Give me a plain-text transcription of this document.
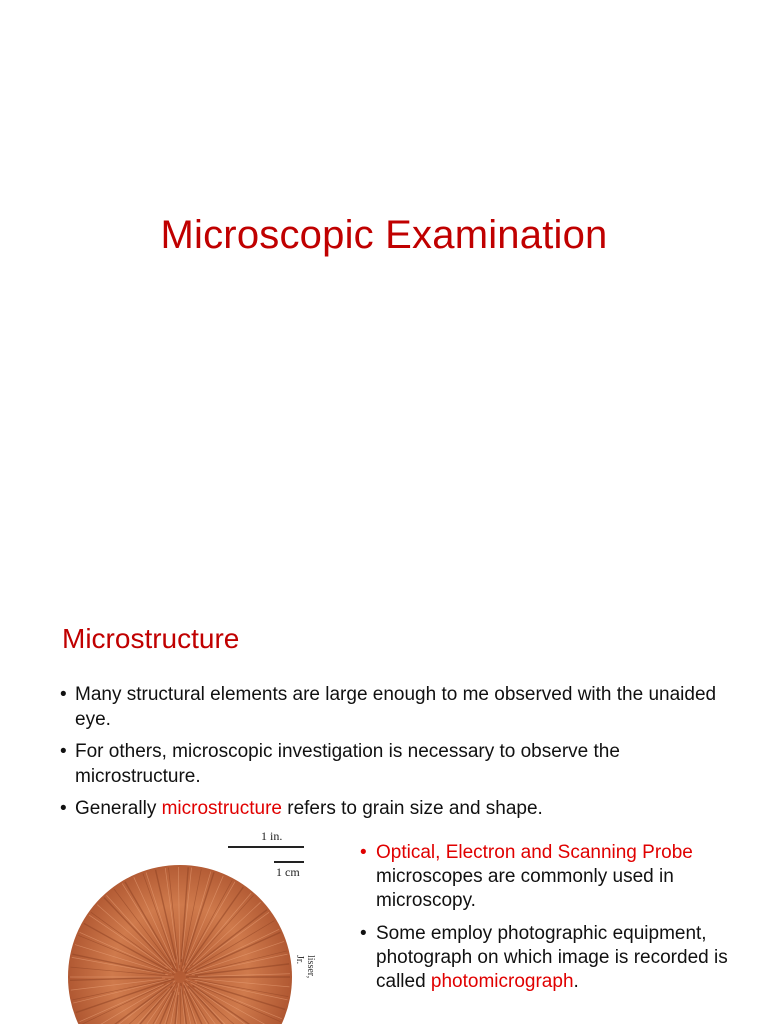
Microscopic Examination
Microstructure
• Many structural elements are large enough to me observed with the unaided eye.
• For others, microscopic investigation is necessary to observe the microstructure.
• Generally microstructure refers to grain size and shape.
1 in.
1 cm
lisser, Jr.
• Optical, Electron and Scanning Probe microscopes are commonly used in microscopy.
• Some employ photographic equipment, photograph on which image is recorded is called photomicrograph.
